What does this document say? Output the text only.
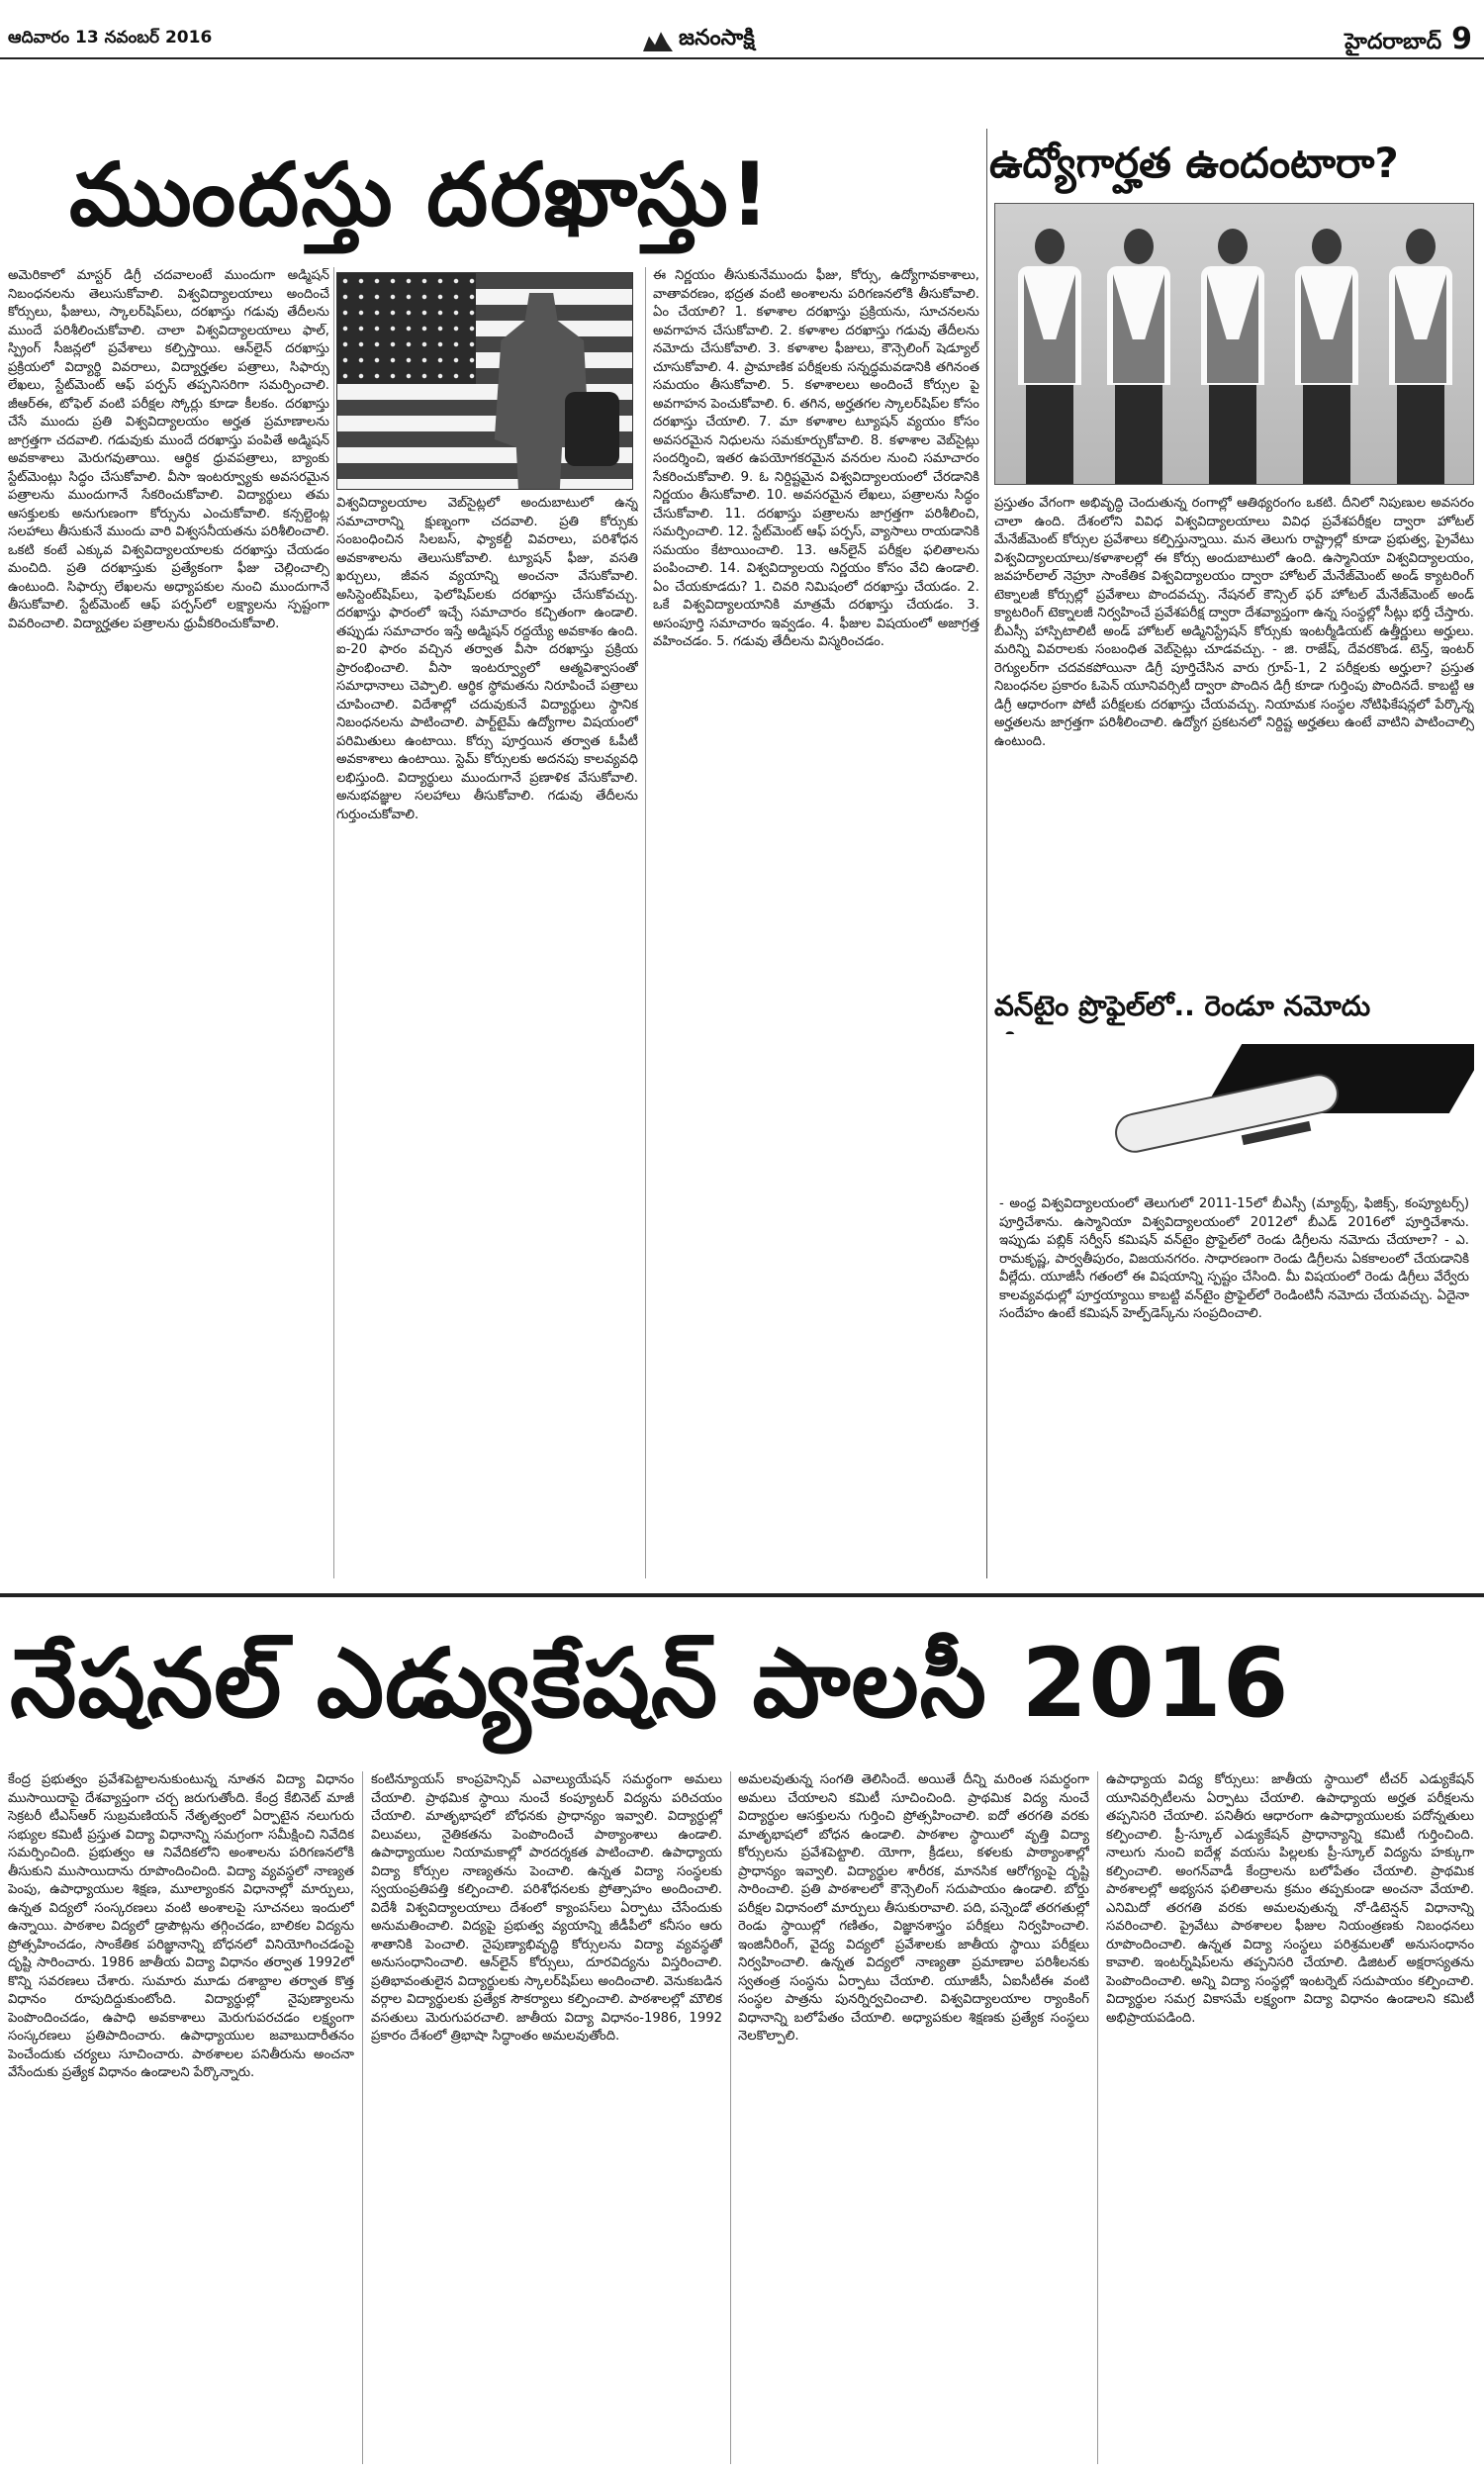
ఆదివారం 13 నవంబర్ 2016	జనంసాక్షి	హైదరాబాద్ 9
ముందస్తు దరఖాస్తు!

అమెరికాలో మాస్టర్ డిగ్రీ చదవాలంటే ముందుగా అడ్మిషన్ నిబంధనలను తెలుసుకోవాలి. విశ్వవిద్యాలయాలు అందించే కోర్సులు, ఫీజులు, స్కాలర్‌షిప్‌లు, దరఖాస్తు గడువు తేదీలను ముందే పరిశీలించుకోవాలి. చాలా విశ్వవిద్యాలయాలు ఫాల్, స్ప్రింగ్ సీజన్లలో ప్రవేశాలు కల్పిస్తాయి. ఆన్‌లైన్ దరఖాస్తు ప్రక్రియలో విద్యార్థి వివరాలు, విద్యార్హతల పత్రాలు, సిఫార్సు లేఖలు, స్టేట్‌మెంట్ ఆఫ్ పర్పస్ తప్పనిసరిగా సమర్పించాలి. జీఆర్‌ఈ, టోఫెల్ వంటి పరీక్షల స్కోర్లు కూడా కీలకం. దరఖాస్తు చేసే ముందు ప్రతి విశ్వవిద్యాలయం అర్హత ప్రమాణాలను జాగ్రత్తగా చదవాలి. గడువుకు ముందే దరఖాస్తు పంపితే అడ్మిషన్ అవకాశాలు మెరుగవుతాయి. ఆర్థిక ధ్రువపత్రాలు, బ్యాంకు స్టేట్‌మెంట్లు సిద్ధం చేసుకోవాలి. వీసా ఇంటర్వ్యూకు అవసరమైన పత్రాలను ముందుగానే సేకరించుకోవాలి. విద్యార్థులు తమ ఆసక్తులకు అనుగుణంగా కోర్సును ఎంచుకోవాలి. కన్సల్టెంట్ల సలహాలు తీసుకునే ముందు వారి విశ్వసనీయతను పరిశీలించాలి. ఒకటి కంటే ఎక్కువ విశ్వవిద్యాలయాలకు దరఖాస్తు చేయడం మంచిది. ప్రతి దరఖాస్తుకు ప్రత్యేకంగా ఫీజు చెల్లించాల్సి ఉంటుంది. సిఫార్సు లేఖలను అధ్యాపకుల నుంచి ముందుగానే తీసుకోవాలి. స్టేట్‌మెంట్ ఆఫ్ పర్పస్‌లో లక్ష్యాలను స్పష్టంగా వివరించాలి. విద్యార్హతల పత్రాలను ధ్రువీకరించుకోవాలి.

విశ్వవిద్యాలయాల వెబ్‌సైట్లలో అందుబాటులో ఉన్న సమాచారాన్ని క్షుణ్నంగా చదవాలి. ప్రతి కోర్సుకు సంబంధించిన సిలబస్, ఫ్యాకల్టీ వివరాలు, పరిశోధన అవకాశాలను తెలుసుకోవాలి. ట్యూషన్ ఫీజు, వసతి ఖర్చులు, జీవన వ్యయాన్ని అంచనా వేసుకోవాలి. అసిస్టెంట్‌షిప్‌లు, ఫెలోషిప్‌లకు దరఖాస్తు చేసుకోవచ్చు. దరఖాస్తు ఫారంలో ఇచ్చే సమాచారం కచ్చితంగా ఉండాలి. తప్పుడు సమాచారం ఇస్తే అడ్మిషన్ రద్దయ్యే అవకాశం ఉంది. ఐ-20 ఫారం వచ్చిన తర్వాత వీసా దరఖాస్తు ప్రక్రియ ప్రారంభించాలి. వీసా ఇంటర్వ్యూలో ఆత్మవిశ్వాసంతో సమాధానాలు చెప్పాలి. ఆర్థిక స్థోమతను నిరూపించే పత్రాలు చూపించాలి. విదేశాల్లో చదువుకునే విద్యార్థులు స్థానిక నిబంధనలను పాటించాలి. పార్ట్‌టైమ్ ఉద్యోగాల విషయంలో పరిమితులు ఉంటాయి. కోర్సు పూర్తయిన తర్వాత ఓపీటీ అవకాశాలు ఉంటాయి. స్టెమ్ కోర్సులకు అదనపు కాలవ్యవధి లభిస్తుంది. విద్యార్థులు ముందుగానే ప్రణాళిక వేసుకోవాలి. అనుభవజ్ఞుల సలహాలు తీసుకోవాలి. గడువు తేదీలను గుర్తుంచుకోవాలి.

ఈ నిర్ణయం తీసుకునేముందు ఫీజు, కోర్సు, ఉద్యోగావకాశాలు, వాతావరణం, భద్రత వంటి అంశాలను పరిగణనలోకి తీసుకోవాలి. ఏం చేయాలి? 1. కళాశాల దరఖాస్తు ప్రక్రియను, సూచనలను అవగాహన చేసుకోవాలి. 2. కళాశాల దరఖాస్తు గడువు తేదీలను నమోదు చేసుకోవాలి. 3. కళాశాల ఫీజులు, కౌన్సెలింగ్ షెడ్యూల్ చూసుకోవాలి. 4. ప్రామాణిక పరీక్షలకు సన్నద్ధమవడానికి తగినంత సమయం తీసుకోవాలి. 5. కళాశాలలు అందించే కోర్సుల పై అవగాహన పెంచుకోవాలి. 6. తగిన, అర్హతగల స్కాలర్‌షిప్‌ల కోసం దరఖాస్తు చేయాలి. 7. మా కళాశాల ట్యూషన్ వ్యయం కోసం అవసరమైన నిధులను సమకూర్చుకోవాలి. 8. కళాశాల వెబ్‌సైట్లు సందర్శించి, ఇతర ఉపయోగకరమైన వనరుల నుంచి సమాచారం సేకరించుకోవాలి. 9. ఓ నిర్దిష్టమైన విశ్వవిద్యాలయంలో చేరడానికి నిర్ణయం తీసుకోవాలి. 10. అవసరమైన లేఖలు, పత్రాలను సిద్ధం చేసుకోవాలి. 11. దరఖాస్తు పత్రాలను జాగ్రత్తగా పరిశీలించి, సమర్పించాలి. 12. స్టేట్‌మెంట్ ఆఫ్ పర్పస్, వ్యాసాలు రాయడానికి సమయం కేటాయించాలి. 13. ఆన్‌లైన్ పరీక్షల ఫలితాలను పంపించాలి. 14. విశ్వవిద్యాలయ నిర్ణయం కోసం వేచి ఉండాలి. ఏం చేయకూడదు? 1. చివరి నిమిషంలో దరఖాస్తు చేయడం. 2. ఒకే విశ్వవిద్యాలయానికి మాత్రమే దరఖాస్తు చేయడం. 3. అసంపూర్తి సమాచారం ఇవ్వడం. 4. ఫీజుల విషయంలో అజాగ్రత్త వహించడం. 5. గడువు తేదీలను విస్మరించడం.

ఉద్యోగార్హత ఉందంటారా?

ప్రస్తుతం వేగంగా అభివృద్ధి చెందుతున్న రంగాల్లో ఆతిథ్యరంగం ఒకటి. దీనిలో నిపుణుల అవసరం చాలా ఉంది. దేశంలోని వివిధ విశ్వవిద్యాలయాలు వివిధ ప్రవేశపరీక్షల ద్వారా హోటల్ మేనేజ్‌మెంట్ కోర్సుల ప్రవేశాలు కల్పిస్తున్నాయి. మన తెలుగు రాష్ట్రాల్లో కూడా ప్రభుత్వ, ప్రైవేటు విశ్వవిద్యాలయాలు/కళాశాలల్లో ఈ కోర్సు అందుబాటులో ఉంది. ఉస్మానియా విశ్వవిద్యాలయం, జవహర్‌లాల్ నెహ్రూ సాంకేతిక విశ్వవిద్యాలయం ద్వారా హోటల్ మేనేజ్‌మెంట్ అండ్ క్యాటరింగ్ టెక్నాలజీ కోర్సుల్లో ప్రవేశాలు పొందవచ్చు. నేషనల్ కౌన్సిల్ ఫర్ హోటల్ మేనేజ్‌మెంట్ అండ్ క్యాటరింగ్ టెక్నాలజీ నిర్వహించే ప్రవేశపరీక్ష ద్వారా దేశవ్యాప్తంగా ఉన్న సంస్థల్లో సీట్లు భర్తీ చేస్తారు. బీఎస్సీ హాస్పిటాలిటీ అండ్ హోటల్ అడ్మినిస్ట్రేషన్ కోర్సుకు ఇంటర్మీడియట్ ఉత్తీర్ణులు అర్హులు. మరిన్ని వివరాలకు సంబంధిత వెబ్‌సైట్లు చూడవచ్చు. - జి. రాజేష్, దేవరకొండ. టెన్త్, ఇంటర్ రెగ్యులర్‌గా చదవకపోయినా డిగ్రీ పూర్తిచేసిన వారు గ్రూప్-1, 2 పరీక్షలకు అర్హులా? ప్రస్తుత నిబంధనల ప్రకారం ఓపెన్ యూనివర్సిటీ ద్వారా పొందిన డిగ్రీ కూడా గుర్తింపు పొందినదే. కాబట్టి ఆ డిగ్రీ ఆధారంగా పోటీ పరీక్షలకు దరఖాస్తు చేయవచ్చు. నియామక సంస్థల నోటిఫికేషన్లలో పేర్కొన్న అర్హతలను జాగ్రత్తగా పరిశీలించాలి. ఉద్యోగ ప్రకటనలో నిర్దిష్ట అర్హతలు ఉంటే వాటిని పాటించాల్సి ఉంటుంది.

వన్‌టైం ప్రొఫైల్‌లో.. రెండూ నమోదు

- అంధ్ర విశ్వవిద్యాలయంలో తెలుగులో 2011-15లో బీఎస్సీ (మ్యాథ్స్, ఫిజిక్స్, కంప్యూటర్స్) పూర్తిచేశాను. ఉస్మానియా విశ్వవిద్యాలయంలో 2012లో బీఎడ్ 2016లో పూర్తిచేశాను. ఇప్పుడు పబ్లిక్ సర్వీస్ కమిషన్ వన్‌టైం ప్రొఫైల్‌లో రెండు డిగ్రీలను నమోదు చేయాలా? - ఎ. రామకృష్ణ, పార్వతీపురం, విజయనగరం. సాధారణంగా రెండు డిగ్రీలను ఏకకాలంలో చేయడానికి వీల్లేదు. యూజీసీ గతంలో ఈ విషయాన్ని స్పష్టం చేసింది. మీ విషయంలో రెండు డిగ్రీలు వేర్వేరు కాలవ్యవధుల్లో పూర్తయ్యాయి కాబట్టి వన్‌టైం ప్రొఫైల్‌లో రెండింటినీ నమోదు చేయవచ్చు. ఏదైనా సందేహం ఉంటే కమిషన్ హెల్ప్‌డెస్క్‌ను సంప్రదించాలి.

నేషనల్ ఎడ్యుకేషన్ పాలసీ 2016

కేంద్ర ప్రభుత్వం ప్రవేశపెట్టాలనుకుంటున్న నూతన విద్యా విధానం ముసాయిదాపై దేశవ్యాప్తంగా చర్చ జరుగుతోంది. కేంద్ర కేబినెట్ మాజీ సెక్రటరీ టీఎస్‌ఆర్ సుబ్రమణియన్ నేతృత్వంలో ఏర్పాటైన నలుగురు సభ్యుల కమిటీ ప్రస్తుత విద్యా విధానాన్ని సమగ్రంగా సమీక్షించి నివేదిక సమర్పించింది. ప్రభుత్వం ఆ నివేదికలోని అంశాలను పరిగణనలోకి తీసుకుని ముసాయిదాను రూపొందించింది. విద్యా వ్యవస్థలో నాణ్యత పెంపు, ఉపాధ్యాయుల శిక్షణ, మూల్యాంకన విధానాల్లో మార్పులు, ఉన్నత విద్యలో సంస్కరణలు వంటి అంశాలపై సూచనలు ఇందులో ఉన్నాయి. పాఠశాల విద్యలో డ్రాపౌట్లను తగ్గించడం, బాలికల విద్యను ప్రోత్సహించడం, సాంకేతిక పరిజ్ఞానాన్ని బోధనలో వినియోగించడంపై దృష్టి సారించారు. 1986 జాతీయ విద్యా విధానం తర్వాత 1992లో కొన్ని సవరణలు చేశారు. సుమారు మూడు దశాబ్దాల తర్వాత కొత్త విధానం రూపుదిద్దుకుంటోంది. విద్యార్థుల్లో నైపుణ్యాలను పెంపొందించడం, ఉపాధి అవకాశాలు మెరుగుపరచడం లక్ష్యంగా సంస్కరణలు ప్రతిపాదించారు. ఉపాధ్యాయుల జవాబుదారీతనం పెంచేందుకు చర్యలు సూచించారు. పాఠశాలల పనితీరును అంచనా వేసేందుకు ప్రత్యేక విధానం ఉండాలని పేర్కొన్నారు.

కంటిన్యూయస్ కాంప్రహెన్సివ్ ఎవాల్యుయేషన్ సమర్థంగా అమలు చేయాలి. ప్రాథమిక స్థాయి నుంచే కంప్యూటర్ విద్యను పరిచయం చేయాలి. మాతృభాషలో బోధనకు ప్రాధాన్యం ఇవ్వాలి. విద్యార్థుల్లో విలువలు, నైతికతను పెంపొందించే పాఠ్యాంశాలు ఉండాలి. ఉపాధ్యాయుల నియామకాల్లో పారదర్శకత పాటించాలి. ఉపాధ్యాయ విద్యా కోర్సుల నాణ్యతను పెంచాలి. ఉన్నత విద్యా సంస్థలకు స్వయంప్రతిపత్తి కల్పించాలి. పరిశోధనలకు ప్రోత్సాహం అందించాలి. విదేశీ విశ్వవిద్యాలయాలు దేశంలో క్యాంపస్‌లు ఏర్పాటు చేసేందుకు అనుమతించాలి. విద్యపై ప్రభుత్వ వ్యయాన్ని జీడీపీలో కనీసం ఆరు శాతానికి పెంచాలి. నైపుణ్యాభివృద్ధి కోర్సులను విద్యా వ్యవస్థతో అనుసంధానించాలి. ఆన్‌లైన్ కోర్సులు, దూరవిద్యను విస్తరించాలి. ప్రతిభావంతులైన విద్యార్థులకు స్కాలర్‌షిప్‌లు అందించాలి. వెనుకబడిన వర్గాల విద్యార్థులకు ప్రత్యేక సౌకర్యాలు కల్పించాలి. పాఠశాలల్లో మౌలిక వసతులు మెరుగుపరచాలి. జాతీయ విద్యా విధానం-1986, 1992 ప్రకారం దేశంలో త్రిభాషా సిద్ధాంతం అమలవుతోంది.

అమలవుతున్న సంగతి తెలిసిందే. అయితే దీన్ని మరింత సమర్థంగా అమలు చేయాలని కమిటీ సూచించింది. ప్రాథమిక విద్య నుంచే విద్యార్థుల ఆసక్తులను గుర్తించి ప్రోత్సహించాలి. ఐదో తరగతి వరకు మాతృభాషలో బోధన ఉండాలి. పాఠశాల స్థాయిలో వృత్తి విద్యా కోర్సులను ప్రవేశపెట్టాలి. యోగా, క్రీడలు, కళలకు పాఠ్యాంశాల్లో ప్రాధాన్యం ఇవ్వాలి. విద్యార్థుల శారీరక, మానసిక ఆరోగ్యంపై దృష్టి సారించాలి. ప్రతి పాఠశాలలో కౌన్సెలింగ్ సదుపాయం ఉండాలి. బోర్డు పరీక్షల విధానంలో మార్పులు తీసుకురావాలి. పది, పన్నెండో తరగతుల్లో రెండు స్థాయిల్లో గణితం, విజ్ఞానశాస్త్రం పరీక్షలు నిర్వహించాలి. ఇంజినీరింగ్, వైద్య విద్యలో ప్రవేశాలకు జాతీయ స్థాయి పరీక్షలు నిర్వహించాలి. ఉన్నత విద్యలో నాణ్యతా ప్రమాణాల పరిశీలనకు స్వతంత్ర సంస్థను ఏర్పాటు చేయాలి. యూజీసీ, ఏఐసీటీఈ వంటి సంస్థల పాత్రను పునర్నిర్వచించాలి. విశ్వవిద్యాలయాల ర్యాంకింగ్ విధానాన్ని బలోపేతం చేయాలి. అధ్యాపకుల శిక్షణకు ప్రత్యేక సంస్థలు నెలకొల్పాలి.

ఉపాధ్యాయ విద్య కోర్సులు: జాతీయ స్థాయిలో టీచర్ ఎడ్యుకేషన్ యూనివర్సిటీలను ఏర్పాటు చేయాలి. ఉపాధ్యాయ అర్హత పరీక్షలను తప్పనిసరి చేయాలి. పనితీరు ఆధారంగా ఉపాధ్యాయులకు పదోన్నతులు కల్పించాలి. ప్రీ-స్కూల్ ఎడ్యుకేషన్ ప్రాధాన్యాన్ని కమిటీ గుర్తించింది. నాలుగు నుంచి ఐదేళ్ల వయసు పిల్లలకు ప్రీ-స్కూల్ విద్యను హక్కుగా కల్పించాలి. అంగన్‌వాడీ కేంద్రాలను బలోపేతం చేయాలి. ప్రాథమిక పాఠశాలల్లో అభ్యసన ఫలితాలను క్రమం తప్పకుండా అంచనా వేయాలి. ఎనిమిదో తరగతి వరకు అమలవుతున్న నో-డిటెన్షన్ విధానాన్ని సవరించాలి. ప్రైవేటు పాఠశాలల ఫీజుల నియంత్రణకు నిబంధనలు రూపొందించాలి. ఉన్నత విద్యా సంస్థలు పరిశ్రమలతో అనుసంధానం కావాలి. ఇంటర్న్‌షిప్‌లను తప్పనిసరి చేయాలి. డిజిటల్ అక్షరాస్యతను పెంపొందించాలి. అన్ని విద్యా సంస్థల్లో ఇంటర్నెట్ సదుపాయం కల్పించాలి. విద్యార్థుల సమగ్ర వికాసమే లక్ష్యంగా విద్యా విధానం ఉండాలని కమిటీ అభిప్రాయపడింది.
